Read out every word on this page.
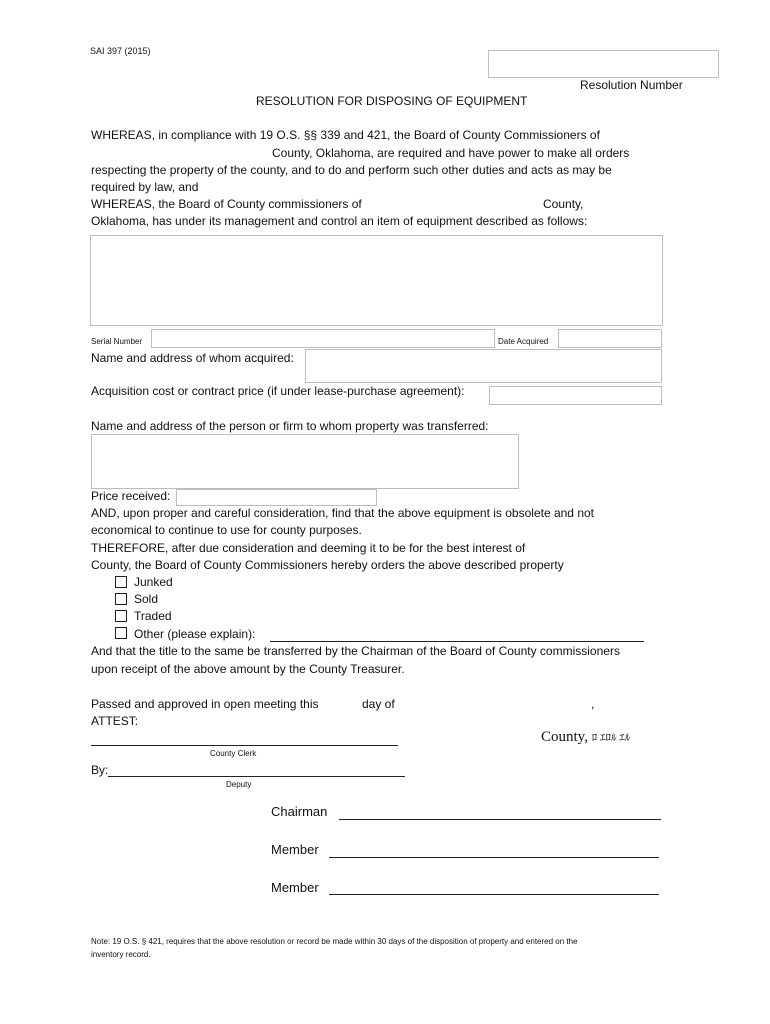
SAI 397 (2015)
Resolution Number
RESOLUTION FOR DISPOSING OF EQUIPMENT
WHEREAS, in compliance with 19 O.S. §§ 339 and 421, the Board of County Commissioners of
County, Oklahoma, are required and have power to make all orders
respecting the property of the county, and to do and perform such other duties and acts as may be
required by law, and
WHEREAS, the Board of County commissioners of	County,
Oklahoma, has under its management and control an item of equipment described as follows:
Serial Number	Date Acquired
Name and address of whom acquired:
Acquisition cost or contract price (if under lease-purchase agreement):
Name and address of the person or firm to whom property was transferred:
Price received:
AND, upon proper and careful consideration, find that the above equipment is obsolete and not
economical to continue to use for county purposes.
THEREFORE, after due consideration and deeming it to be for the best interest of
County, the Board of County Commissioners hereby orders the above described property
Junked
Sold
Traded
Other (please explain):
And that the title to the same be transferred by the Chairman of the Board of County commissioners
upon receipt of the above amount by the County Treasurer.
Passed and approved in open meeting this	day of	,
ATTEST:
County, ﾛ ｴﾛﾙ ｴﾙ
County Clerk
By:
Deputy
Chairman
Member
Member
Note: 19 O.S. § 421, requires that the above resolution or record be made within 30 days of the disposition of property and entered on the
inventory record.
